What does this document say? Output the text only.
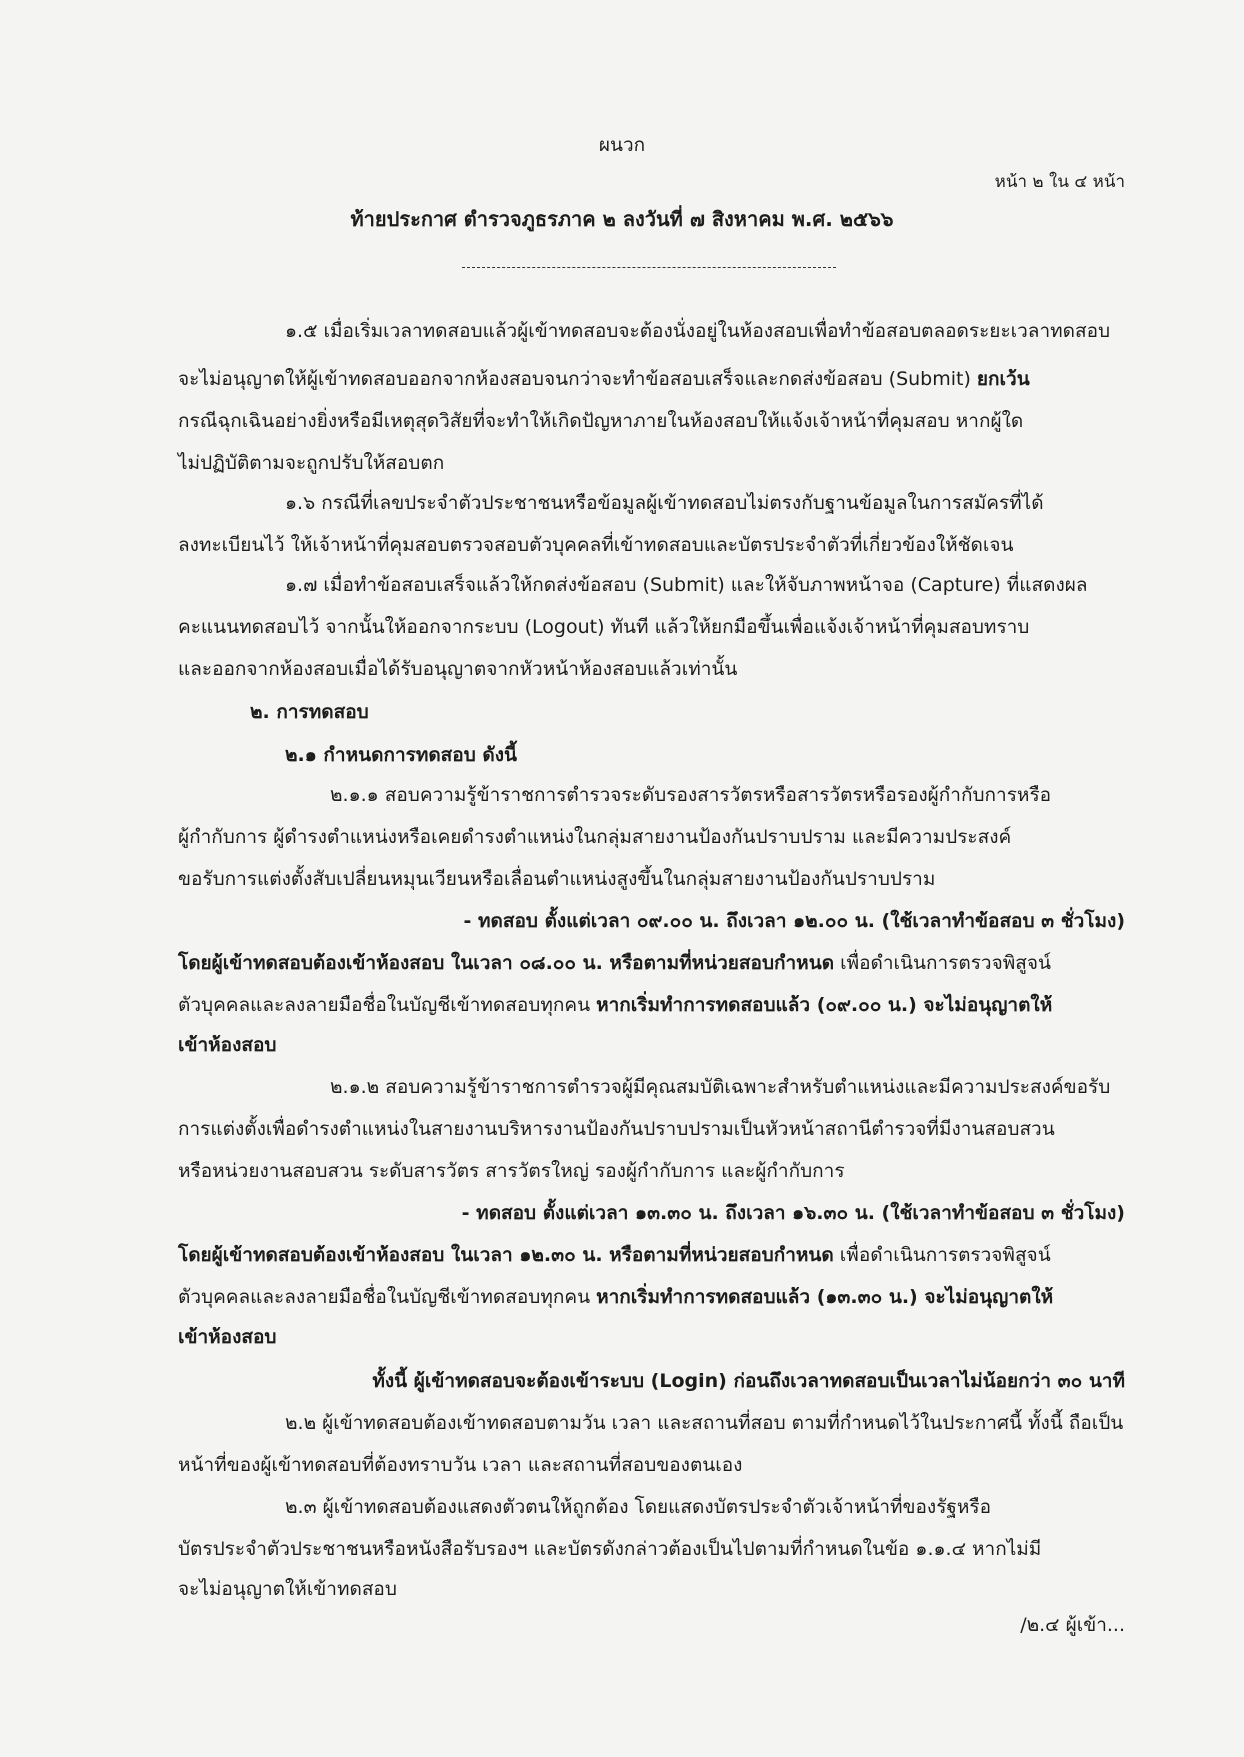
ผนวก
หน้า ๒ ใน ๔ หน้า
ท้ายประกาศ ตำรวจภูธรภาค ๒ ลงวันที่ ๗ สิงหาคม พ.ศ. ๒๕๖๖
๑.๕ เมื่อเริ่มเวลาทดสอบแล้วผู้เข้าทดสอบจะต้องนั่งอยู่ในห้องสอบเพื่อทำข้อสอบตลอดระยะเวลาทดสอบ
จะไม่อนุญาตให้ผู้เข้าทดสอบออกจากห้องสอบจนกว่าจะทำข้อสอบเสร็จและกดส่งข้อสอบ (Submit) ยกเว้น
กรณีฉุกเฉินอย่างยิ่งหรือมีเหตุสุดวิสัยที่จะทำให้เกิดปัญหาภายในห้องสอบให้แจ้งเจ้าหน้าที่คุมสอบ หากผู้ใด
ไม่ปฏิบัติตามจะถูกปรับให้สอบตก
๑.๖ กรณีที่เลขประจำตัวประชาชนหรือข้อมูลผู้เข้าทดสอบไม่ตรงกับฐานข้อมูลในการสมัครที่ได้
ลงทะเบียนไว้ ให้เจ้าหน้าที่คุมสอบตรวจสอบตัวบุคคลที่เข้าทดสอบและบัตรประจำตัวที่เกี่ยวข้องให้ชัดเจน
๑.๗ เมื่อทำข้อสอบเสร็จแล้วให้กดส่งข้อสอบ (Submit) และให้จับภาพหน้าจอ (Capture) ที่แสดงผล
คะแนนทดสอบไว้ จากนั้นให้ออกจากระบบ (Logout) ทันที แล้วให้ยกมือขึ้นเพื่อแจ้งเจ้าหน้าที่คุมสอบทราบ
และออกจากห้องสอบเมื่อได้รับอนุญาตจากหัวหน้าห้องสอบแล้วเท่านั้น
๒. การทดสอบ
๒.๑ กำหนดการทดสอบ ดังนี้
๒.๑.๑ สอบความรู้ข้าราชการตำรวจระดับรองสารวัตรหรือสารวัตรหรือรองผู้กำกับการหรือ
ผู้กำกับการ ผู้ดำรงตำแหน่งหรือเคยดำรงตำแหน่งในกลุ่มสายงานป้องกันปราบปราม และมีความประสงค์
ขอรับการแต่งตั้งสับเปลี่ยนหมุนเวียนหรือเลื่อนตำแหน่งสูงขึ้นในกลุ่มสายงานป้องกันปราบปราม
- ทดสอบ ตั้งแต่เวลา ๐๙.๐๐ น. ถึงเวลา ๑๒.๐๐ น. (ใช้เวลาทำข้อสอบ ๓ ชั่วโมง)
โดยผู้เข้าทดสอบต้องเข้าห้องสอบ ในเวลา ๐๘.๐๐ น. หรือตามที่หน่วยสอบกำหนด เพื่อดำเนินการตรวจพิสูจน์
ตัวบุคคลและลงลายมือชื่อในบัญชีเข้าทดสอบทุกคน หากเริ่มทำการทดสอบแล้ว (๐๙.๐๐ น.) จะไม่อนุญาตให้
เข้าห้องสอบ
๒.๑.๒ สอบความรู้ข้าราชการตำรวจผู้มีคุณสมบัติเฉพาะสำหรับตำแหน่งและมีความประสงค์ขอรับ
การแต่งตั้งเพื่อดำรงตำแหน่งในสายงานบริหารงานป้องกันปราบปรามเป็นหัวหน้าสถานีตำรวจที่มีงานสอบสวน
หรือหน่วยงานสอบสวน ระดับสารวัตร สารวัตรใหญ่ รองผู้กำกับการ และผู้กำกับการ
- ทดสอบ ตั้งแต่เวลา ๑๓.๓๐ น. ถึงเวลา ๑๖.๓๐ น. (ใช้เวลาทำข้อสอบ ๓ ชั่วโมง)
โดยผู้เข้าทดสอบต้องเข้าห้องสอบ ในเวลา ๑๒.๓๐ น. หรือตามที่หน่วยสอบกำหนด เพื่อดำเนินการตรวจพิสูจน์
ตัวบุคคลและลงลายมือชื่อในบัญชีเข้าทดสอบทุกคน หากเริ่มทำการทดสอบแล้ว (๑๓.๓๐ น.) จะไม่อนุญาตให้
เข้าห้องสอบ
ทั้งนี้ ผู้เข้าทดสอบจะต้องเข้าระบบ (Login) ก่อนถึงเวลาทดสอบเป็นเวลาไม่น้อยกว่า ๓๐ นาที
๒.๒ ผู้เข้าทดสอบต้องเข้าทดสอบตามวัน เวลา และสถานที่สอบ ตามที่กำหนดไว้ในประกาศนี้ ทั้งนี้ ถือเป็น
หน้าที่ของผู้เข้าทดสอบที่ต้องทราบวัน เวลา และสถานที่สอบของตนเอง
๒.๓ ผู้เข้าทดสอบต้องแสดงตัวตนให้ถูกต้อง โดยแสดงบัตรประจำตัวเจ้าหน้าที่ของรัฐหรือ
บัตรประจำตัวประชาชนหรือหนังสือรับรองฯ และบัตรดังกล่าวต้องเป็นไปตามที่กำหนดในข้อ ๑.๑.๔ หากไม่มี
จะไม่อนุญาตให้เข้าทดสอบ
/๒.๔ ผู้เข้า...
